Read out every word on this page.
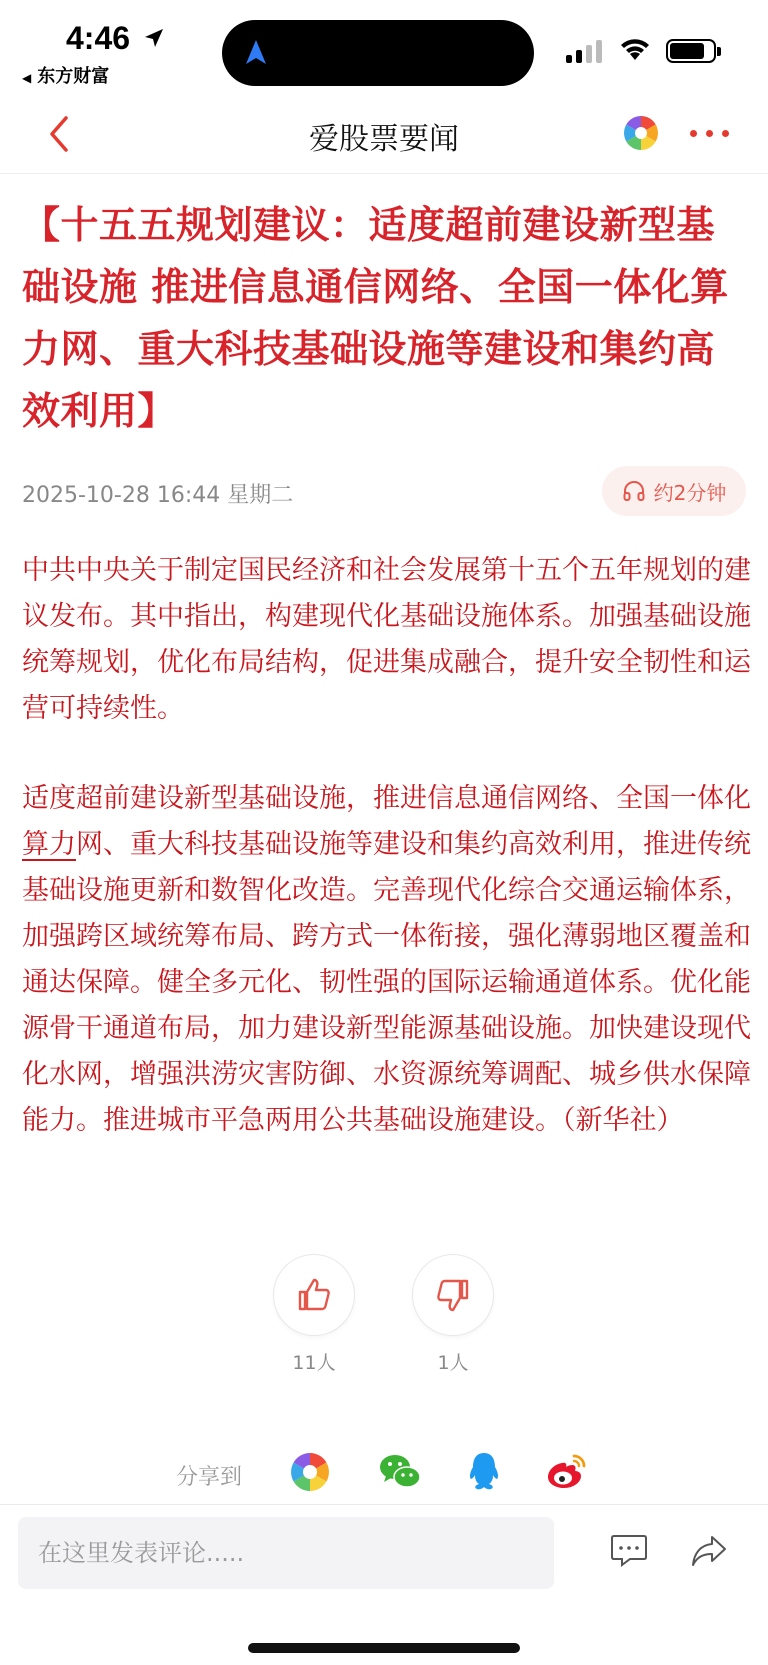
4:46
◀ 东方财富
爱股票要闻
【十五五规划建议：适度超前建设新型基础设施 推进信息通信网络、全国一体化算力网、重大科技基础设施等建设和集约高效利用】
2025-10-28 16:44 星期二	约2分钟
中共中央关于制定国民经济和社会发展第十五个五年规划的建议发布。其中指出，构建现代化基础设施体系。加强基础设施统筹规划，优化布局结构，促进集成融合，提升安全韧性和运营可持续性。
适度超前建设新型基础设施，推进信息通信网络、全国一体化算力网、重大科技基础设施等建设和集约高效利用，推进传统基础设施更新和数智化改造。完善现代化综合交通运输体系，加强跨区域统筹布局、跨方式一体衔接，强化薄弱地区覆盖和通达保障。健全多元化、韧性强的国际运输通道体系。优化能源骨干通道布局，加力建设新型能源基础设施。加快建设现代化水网，增强洪涝灾害防御、水资源统筹调配、城乡供水保障能力。推进城市平急两用公共基础设施建设。（新华社）
11人	1人
分享到
在这里发表评论.....
